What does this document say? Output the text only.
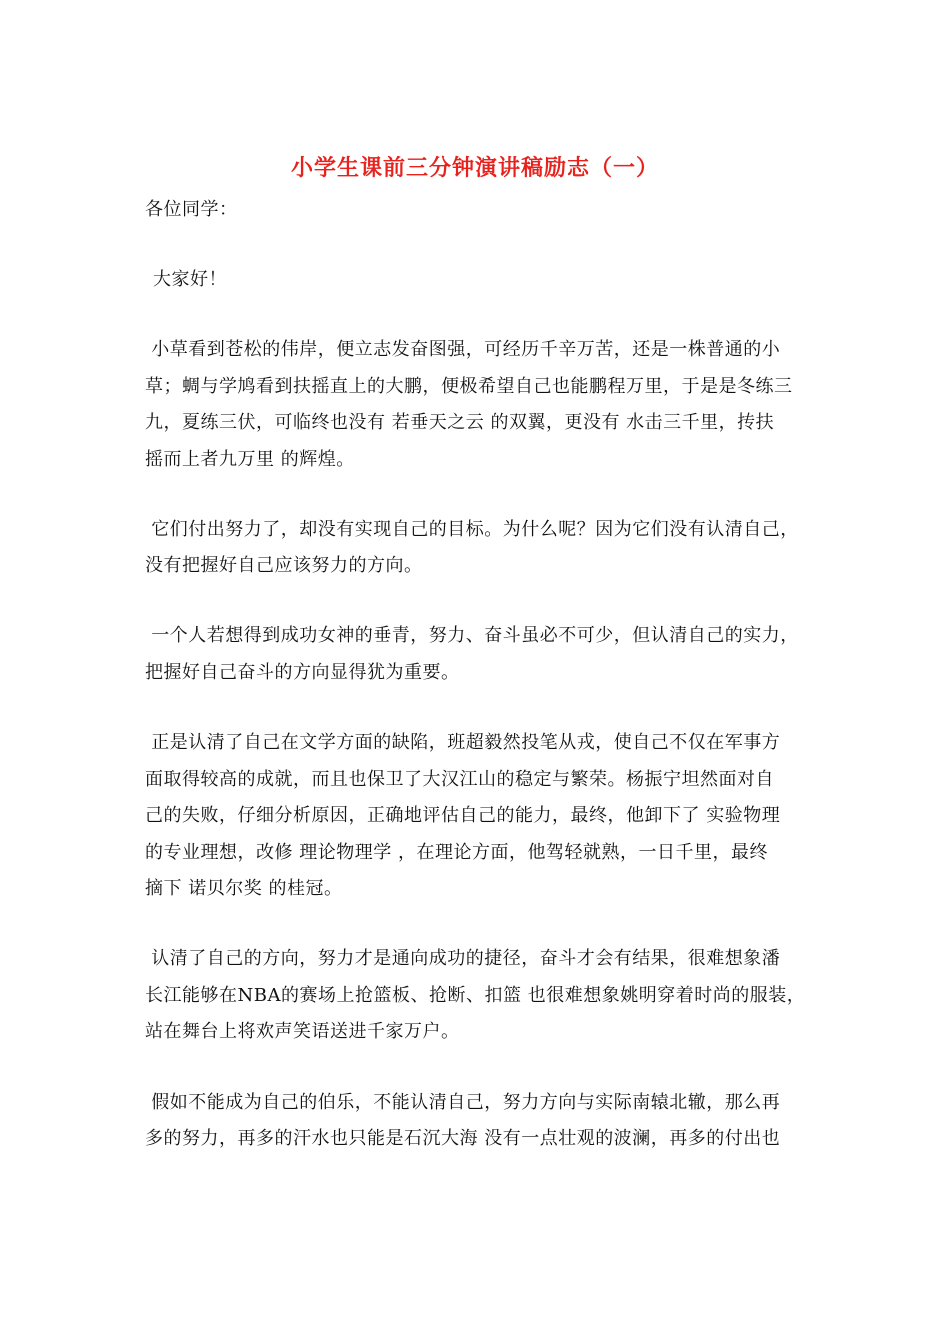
小学生课前三分钟演讲稿励志（一）
各位同学：
大家好！
小草看到苍松的伟岸，便立志发奋图强，可经历千辛万苦，还是一株普通的小
草；蜩与学鸠看到扶摇直上的大鹏，便极希望自己也能鹏程万里，于是是冬练三
九，夏练三伏，可临终也没有 若垂天之云 的双翼，更没有 水击三千里，抟扶
摇而上者九万里 的辉煌。
它们付出努力了，却没有实现自己的目标。为什么呢？因为它们没有认清自己，
没有把握好自己应该努力的方向。
一个人若想得到成功女神的垂青，努力、奋斗虽必不可少，但认清自己的实力，
把握好自己奋斗的方向显得犹为重要。
正是认清了自己在文学方面的缺陷，班超毅然投笔从戎，使自己不仅在军事方
面取得较高的成就，而且也保卫了大汉江山的稳定与繁荣。杨振宁坦然面对自
己的失败，仔细分析原因，正确地评估自己的能力，最终，他卸下了 实验物理
的专业理想，改修 理论物理学 ，在理论方面，他驾轻就熟，一日千里，最终
摘下 诺贝尔奖 的桂冠。
认清了自己的方向，努力才是通向成功的捷径，奋斗才会有结果，很难想象潘
长江能够在NBA的赛场上抢篮板、抢断、扣篮 也很难想象姚明穿着时尚的服装，
站在舞台上将欢声笑语送进千家万户。
假如不能成为自己的伯乐，不能认清自己，努力方向与实际南辕北辙，那么再
多的努力，再多的汗水也只能是石沉大海 没有一点壮观的波澜，再多的付出也
